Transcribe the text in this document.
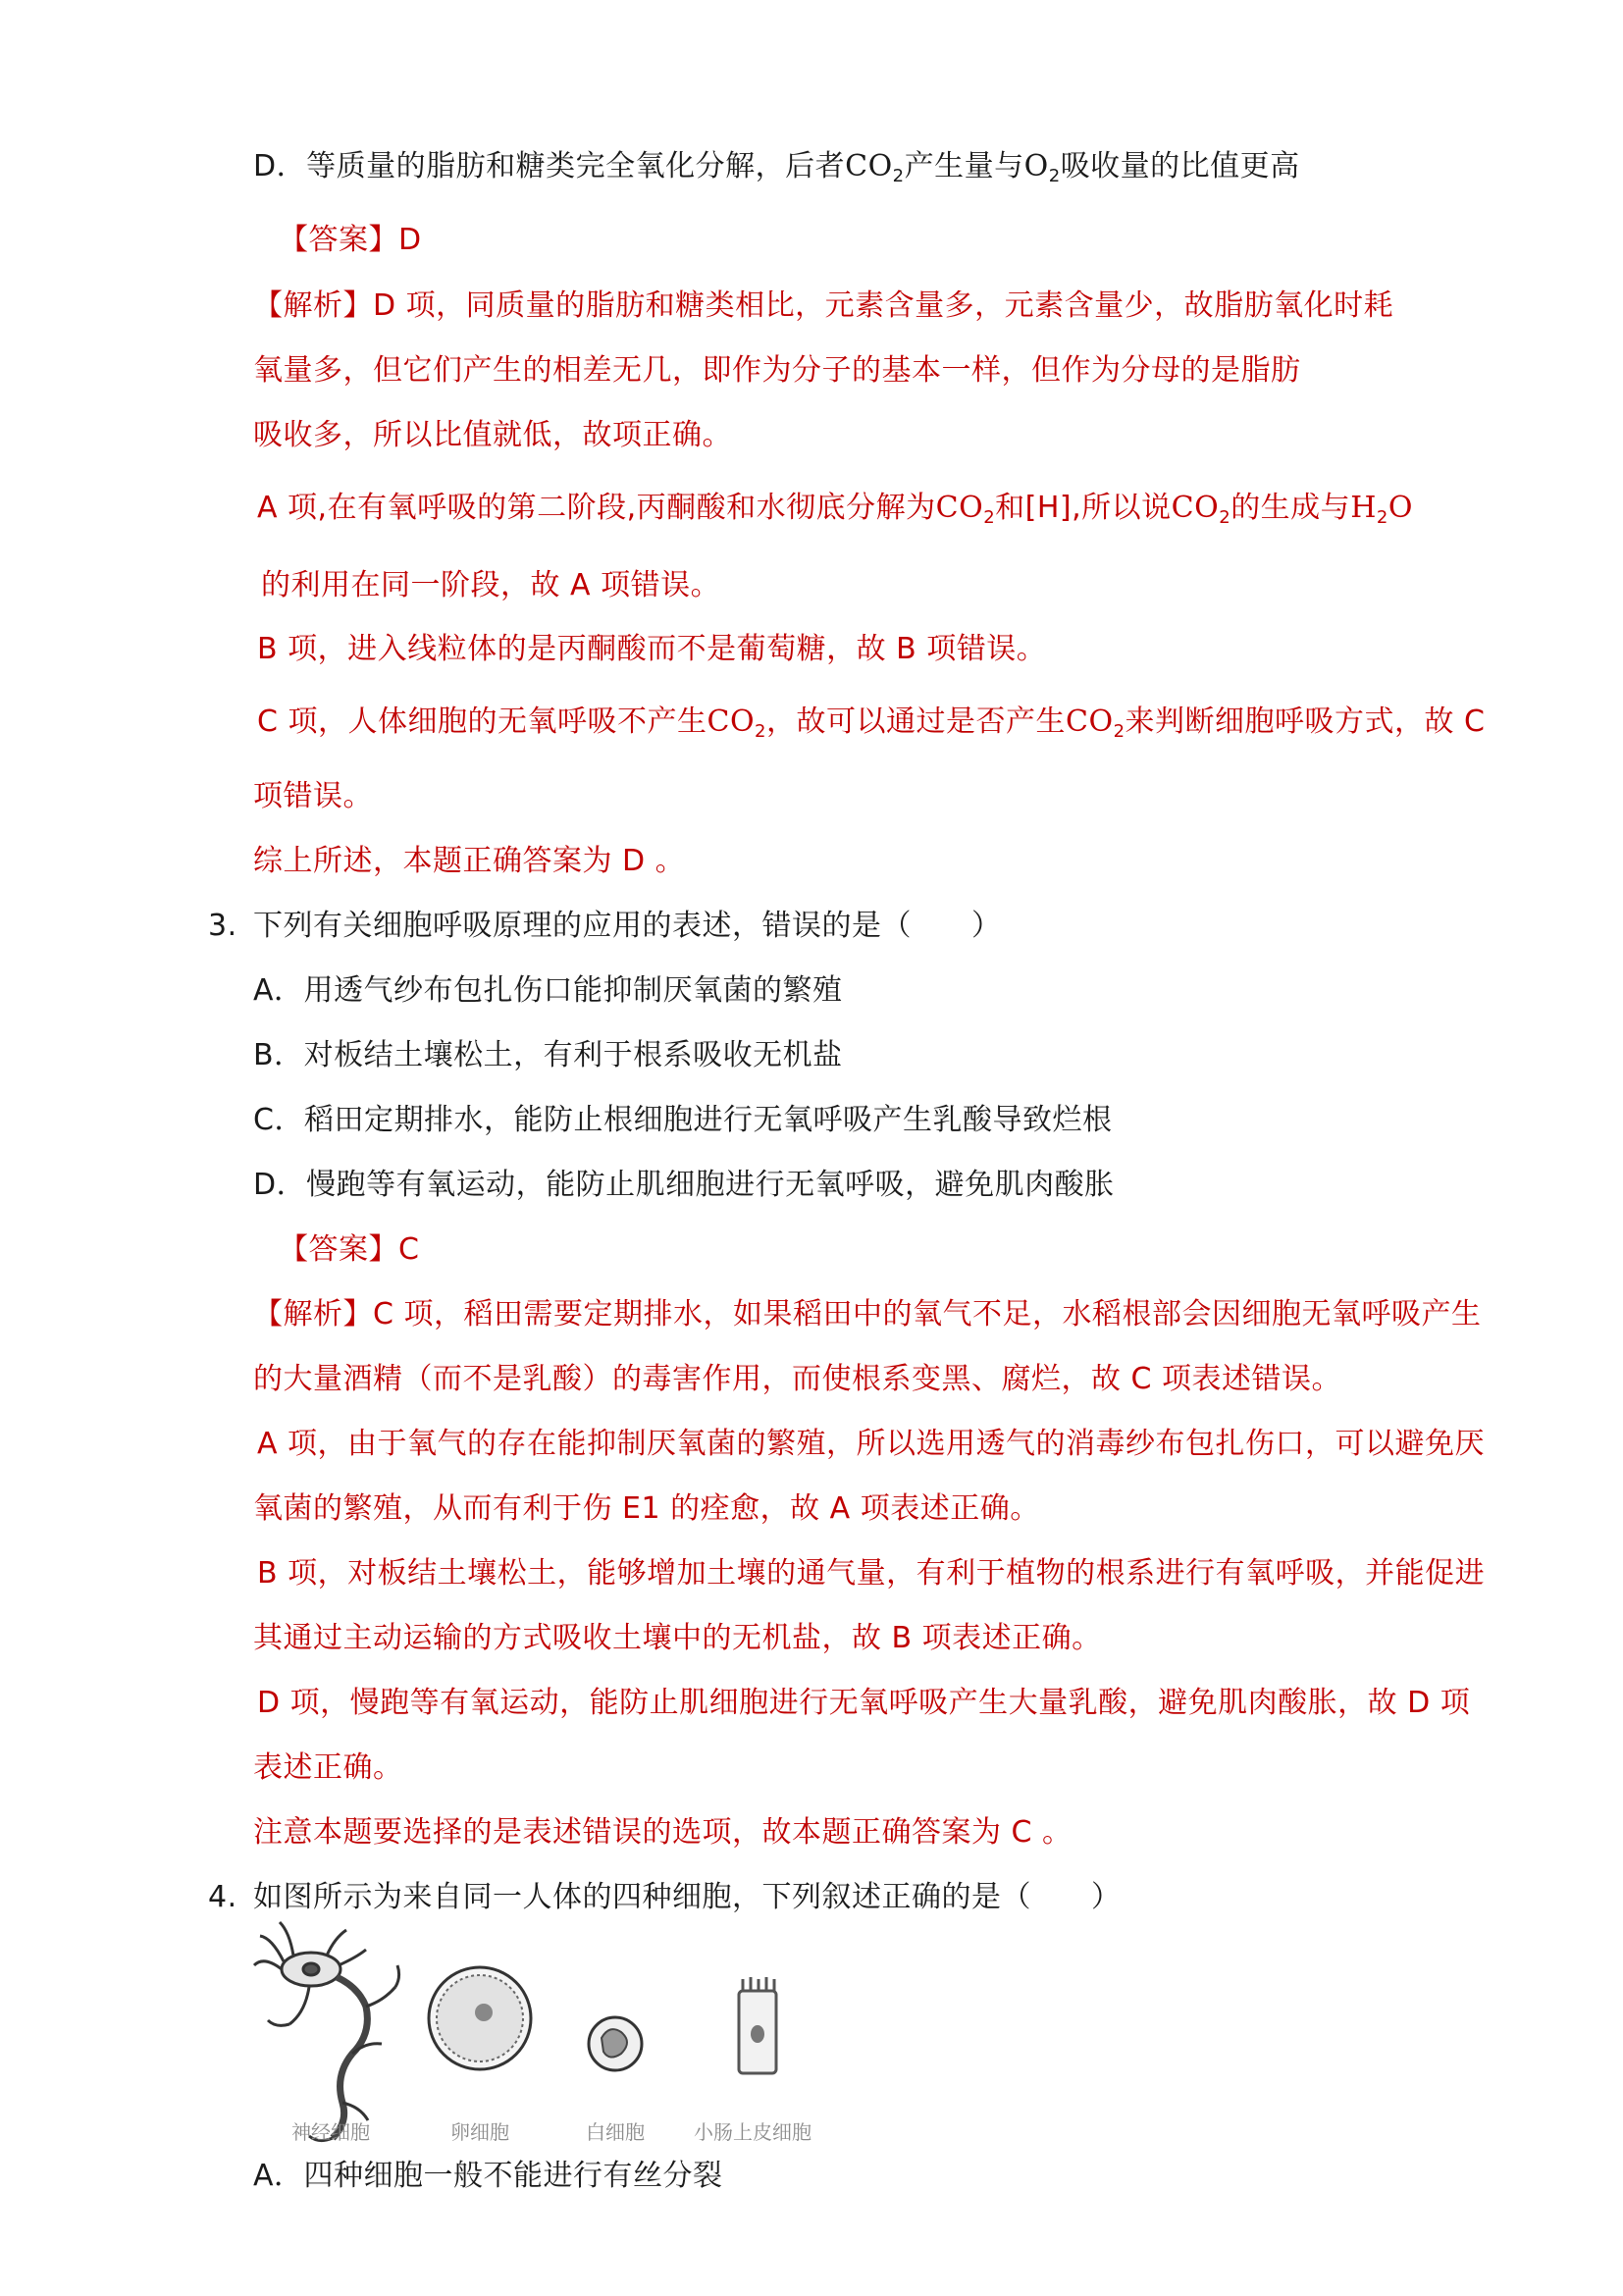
D．等质量的脂肪和糖类完全氧化分解，后者$CO_2$产生量与$O_2$吸收量的比值更高
【答案】D
【解析】D 项，同质量的脂肪和糖类相比，元素含量多，元素含量少，故脂肪氧化时耗
氧量多，但它们产生的相差无几，即作为分子的基本一样，但作为分母的是脂肪
吸收多，所以比值就低，故项正确。
A 项,在有氧呼吸的第二阶段,丙酮酸和水彻底分解为$CO_2$和[H],所以说$CO_2$的生成与$H_2O$
的利用在同一阶段，故 A 项错误。
B 项，进入线粒体的是丙酮酸而不是葡萄糖，故 B 项错误。
C 项，人体细胞的无氧呼吸不产生$CO_2$，故可以通过是否产生$CO_2$来判断细胞呼吸方式，故 C
项错误。
综上所述，本题正确答案为 D 。
3. 下列有关细胞呼吸原理的应用的表述，错误的是（　　）
A．用透气纱布包扎伤口能抑制厌氧菌的繁殖
B．对板结土壤松土，有利于根系吸收无机盐
C．稻田定期排水，能防止根细胞进行无氧呼吸产生乳酸导致烂根
D．慢跑等有氧运动，能防止肌细胞进行无氧呼吸，避免肌肉酸胀
【答案】C
【解析】C 项，稻田需要定期排水，如果稻田中的氧气不足，水稻根部会因细胞无氧呼吸产生
的大量酒精（而不是乳酸）的毒害作用，而使根系变黑、腐烂，故 C 项表述错误。
A 项，由于氧气的存在能抑制厌氧菌的繁殖，所以选用透气的消毒纱布包扎伤口，可以避免厌
氧菌的繁殖，从而有利于伤 E1 的痊愈，故 A 项表述正确。
B 项，对板结土壤松土，能够增加土壤的通气量，有利于植物的根系进行有氧呼吸，并能促进
其通过主动运输的方式吸收土壤中的无机盐，故 B 项表述正确。
D 项，慢跑等有氧运动，能防止肌细胞进行无氧呼吸产生大量乳酸，避免肌肉酸胀，故 D 项
表述正确。
注意本题要选择的是表述错误的选项，故本题正确答案为 C 。
4. 如图所示为来自同一人体的四种细胞，下列叙述正确的是（　　）
神经细胞	卵细胞	白细胞	小肠上皮细胞
A．四种细胞一般不能进行有丝分裂
